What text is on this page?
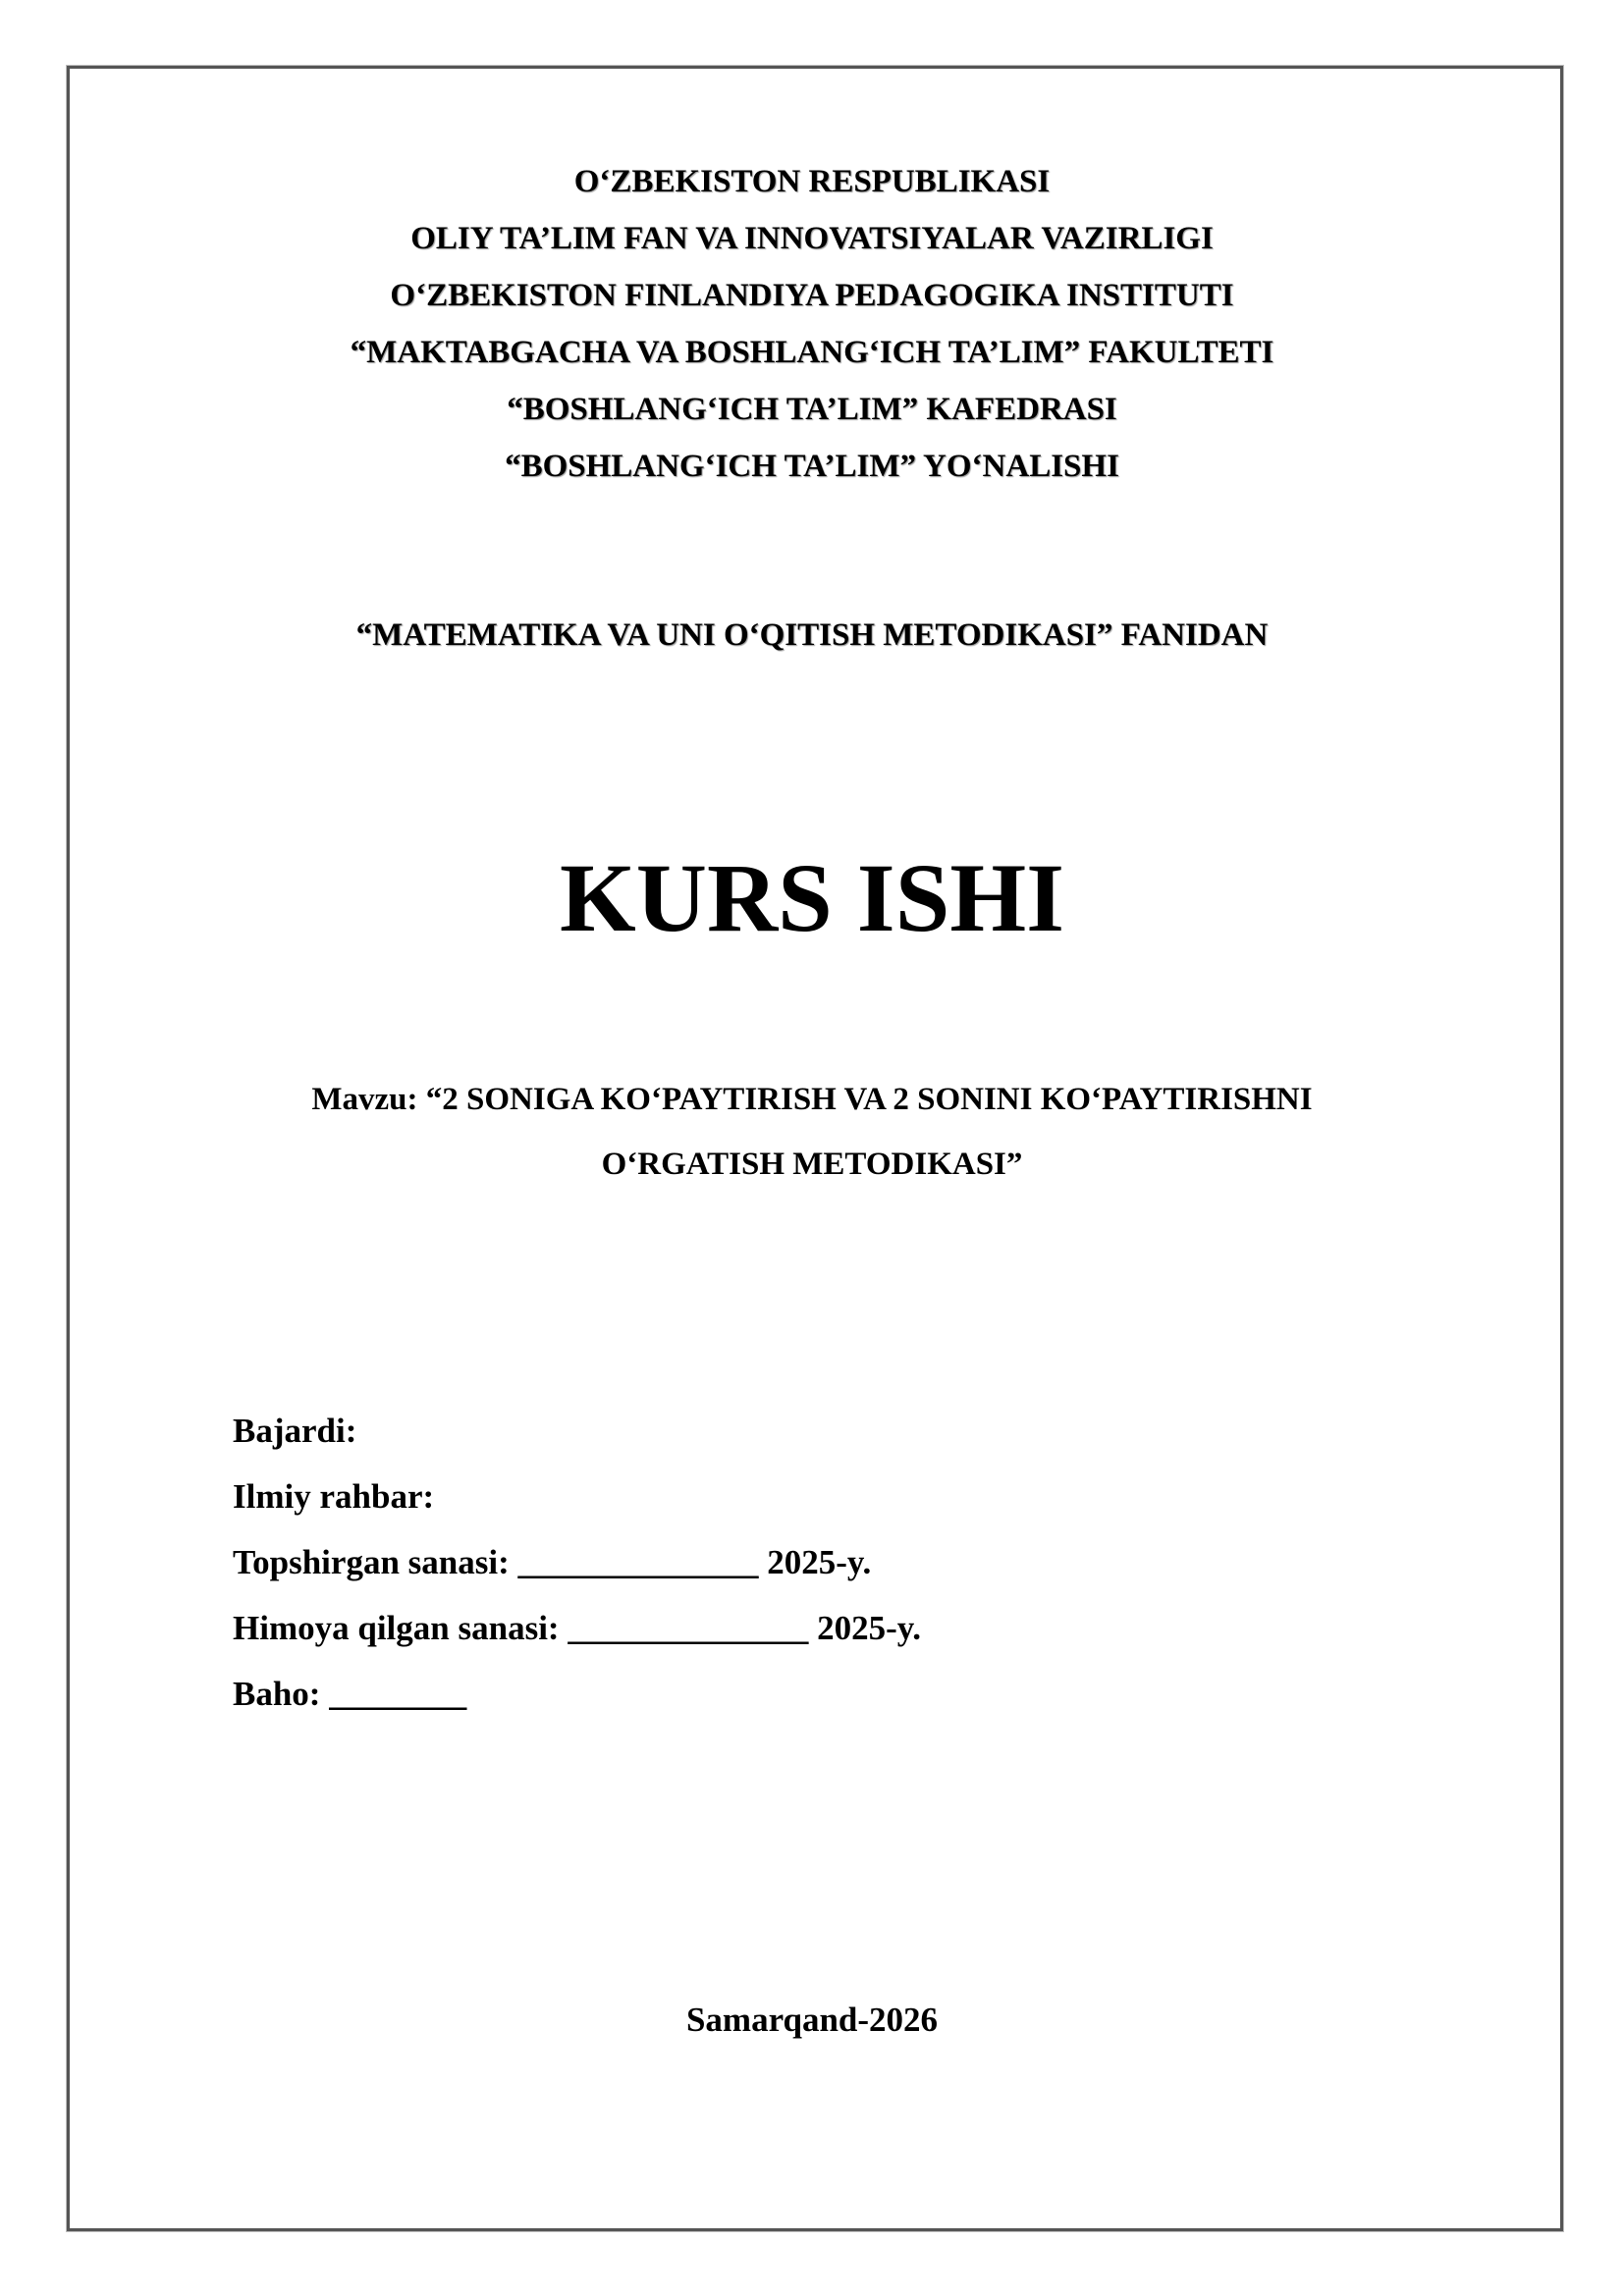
O‘ZBEKISTON RESPUBLIKASI
OLIY TA’LIM FAN VA INNOVATSIYALAR VAZIRLIGI
O‘ZBEKISTON FINLANDIYA PEDAGOGIKA INSTITUTI
“MAKTABGACHA VA BOSHLANG‘ICH TA’LIM” FAKULTETI
“BOSHLANG‘ICH TA’LIM” KAFEDRASI
“BOSHLANG‘ICH TA’LIM” YO‘NALISHI
“MATEMATIKA VA UNI O‘QITISH METODIKASI” FANIDAN
KURS ISHI
Mavzu: “2 SONIGA KO‘PAYTIRISH VA 2 SONINI KO‘PAYTIRISHNI
O‘RGATISH METODIKASI”
Bajardi:
Ilmiy rahbar:
Topshirgan sanasi: ______________ 2025-y.
Himoya qilgan sanasi: ______________ 2025-y.
Baho: ________
Samarqand-2026
